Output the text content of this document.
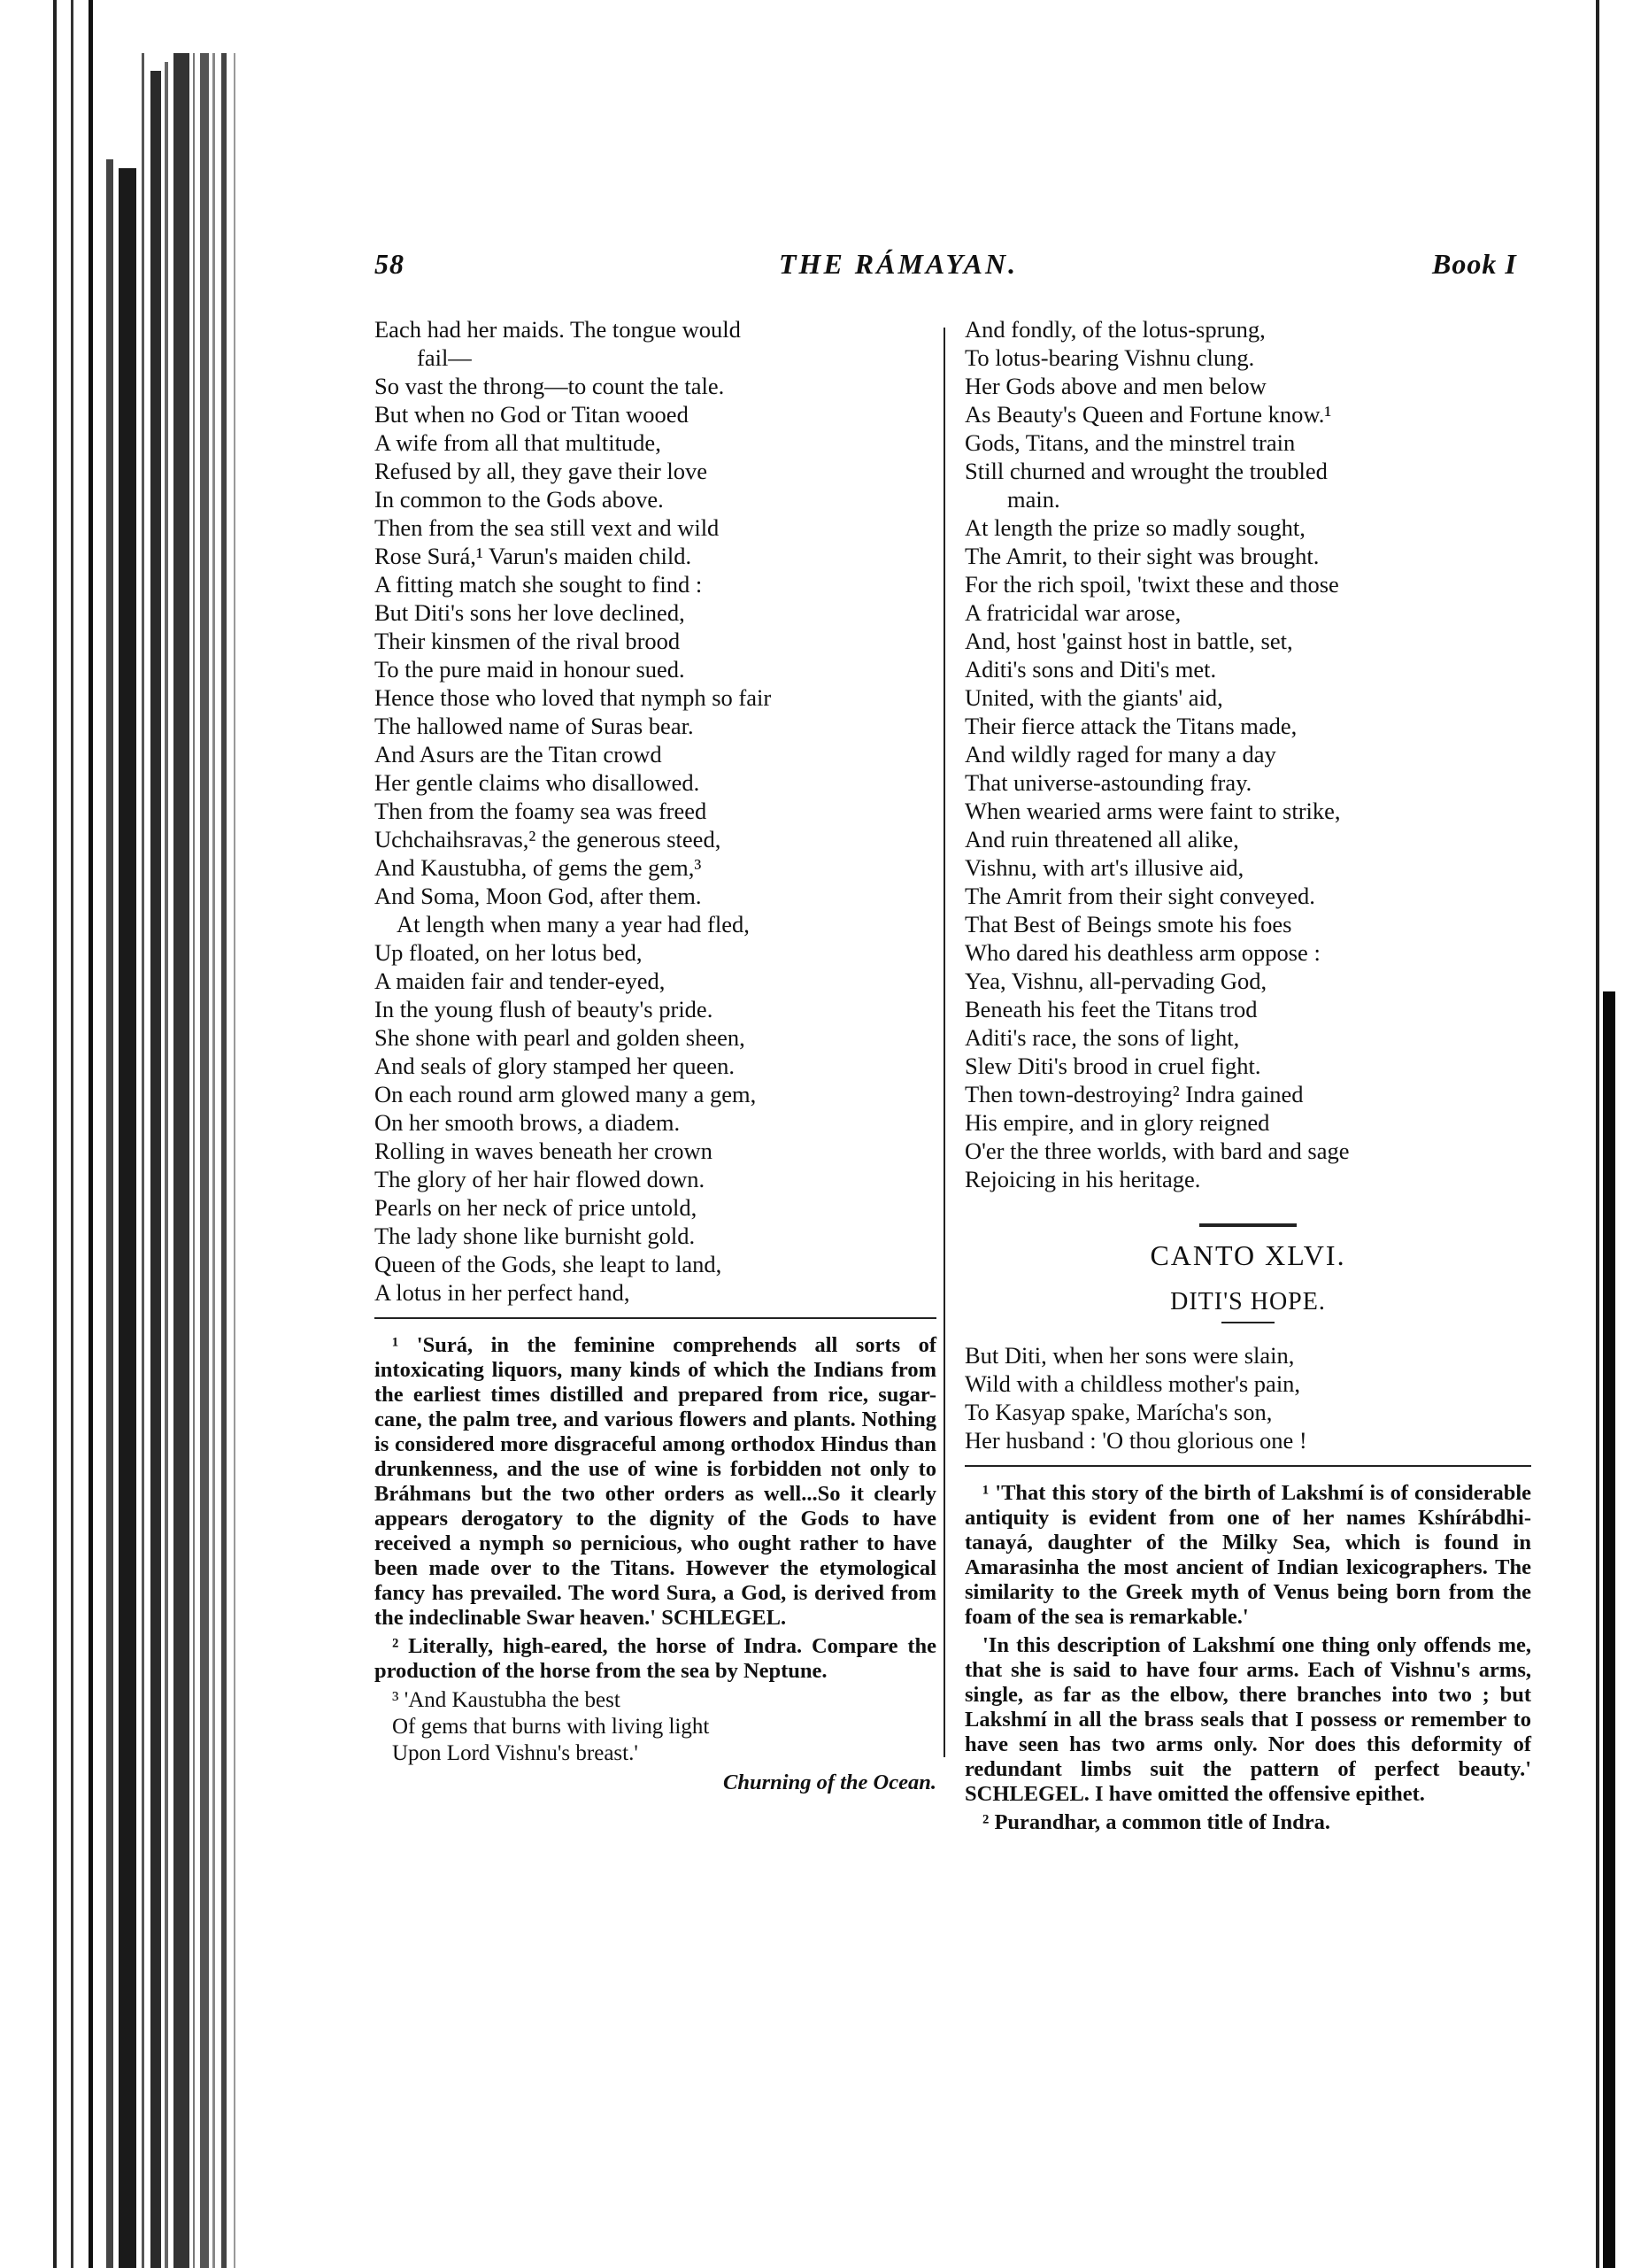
58	THE RÁMAYAN.	Book I
Each had her maids. The tongue would
fail—
So vast the throng—to count the tale.
But when no God or Titan wooed
A wife from all that multitude,
Refused by all, they gave their love
In common to the Gods above.
Then from the sea still vext and wild
Rose Surá,¹ Varun's maiden child.
A fitting match she sought to find :
But Diti's sons her love declined,
Their kinsmen of the rival brood
To the pure maid in honour sued.
Hence those who loved that nymph so fair
The hallowed name of Suras bear.
And Asurs are the Titan crowd
Her gentle claims who disallowed.
Then from the foamy sea was freed
Uchchaihsravas,² the generous steed,
And Kaustubha, of gems the gem,³
And Soma, Moon God, after them.
At length when many a year had fled,
Up floated, on her lotus bed,
A maiden fair and tender-eyed,
In the young flush of beauty's pride.
She shone with pearl and golden sheen,
And seals of glory stamped her queen.
On each round arm glowed many a gem,
On her smooth brows, a diadem.
Rolling in waves beneath her crown
The glory of her hair flowed down.
Pearls on her neck of price untold,
The lady shone like burnisht gold.
Queen of the Gods, she leapt to land,
A lotus in her perfect hand,
¹ 'Surá, in the feminine comprehends all sorts of intoxicating liquors, many kinds of which the Indians from the earliest times distilled and prepared from rice, sugar-cane, the palm tree, and various flowers and plants. Nothing is considered more disgraceful among orthodox Hindus than drunkenness, and the use of wine is forbidden not only to Bráhmans but the two other orders as well...So it clearly appears derogatory to the dignity of the Gods to have received a nymph so pernicious, who ought rather to have been made over to the Titans. However the etymological fancy has prevailed. The word Sura, a God, is derived from the indeclinable Swar heaven.' SCHLEGEL.
² Literally, high-eared, the horse of Indra. Compare the production of the horse from the sea by Neptune.
³ 'And Kaustubha the best
Of gems that burns with living light
Upon Lord Vishnu's breast.'
Churning of the Ocean.
And fondly, of the lotus-sprung,
To lotus-bearing Vishnu clung.
Her Gods above and men below
As Beauty's Queen and Fortune know.¹
Gods, Titans, and the minstrel train
Still churned and wrought the troubled
main.
At length the prize so madly sought,
The Amrit, to their sight was brought.
For the rich spoil, 'twixt these and those
A fratricidal war arose,
And, host 'gainst host in battle, set,
Aditi's sons and Diti's met.
United, with the giants' aid,
Their fierce attack the Titans made,
And wildly raged for many a day
That universe-astounding fray.
When wearied arms were faint to strike,
And ruin threatened all alike,
Vishnu, with art's illusive aid,
The Amrit from their sight conveyed.
That Best of Beings smote his foes
Who dared his deathless arm oppose :
Yea, Vishnu, all-pervading God,
Beneath his feet the Titans trod
Aditi's race, the sons of light,
Slew Diti's brood in cruel fight.
Then town-destroying² Indra gained
His empire, and in glory reigned
O'er the three worlds, with bard and sage
Rejoicing in his heritage.
CANTO XLVI.
DITI'S HOPE.
But Diti, when her sons were slain,
Wild with a childless mother's pain,
To Kasyap spake, Marícha's son,
Her husband : 'O thou glorious one !
¹ 'That this story of the birth of Lakshmí is of considerable antiquity is evident from one of her names Kshírábdhi-tanayá, daughter of the Milky Sea, which is found in Amarasinha the most ancient of Indian lexicographers. The similarity to the Greek myth of Venus being born from the foam of the sea is remarkable.'
'In this description of Lakshmí one thing only offends me, that she is said to have four arms. Each of Vishnu's arms, single, as far as the elbow, there branches into two ; but Lakshmí in all the brass seals that I possess or remember to have seen has two arms only. Nor does this deformity of redundant limbs suit the pattern of perfect beauty.' SCHLEGEL. I have omitted the offensive epithet.
² Purandhar, a common title of Indra.
